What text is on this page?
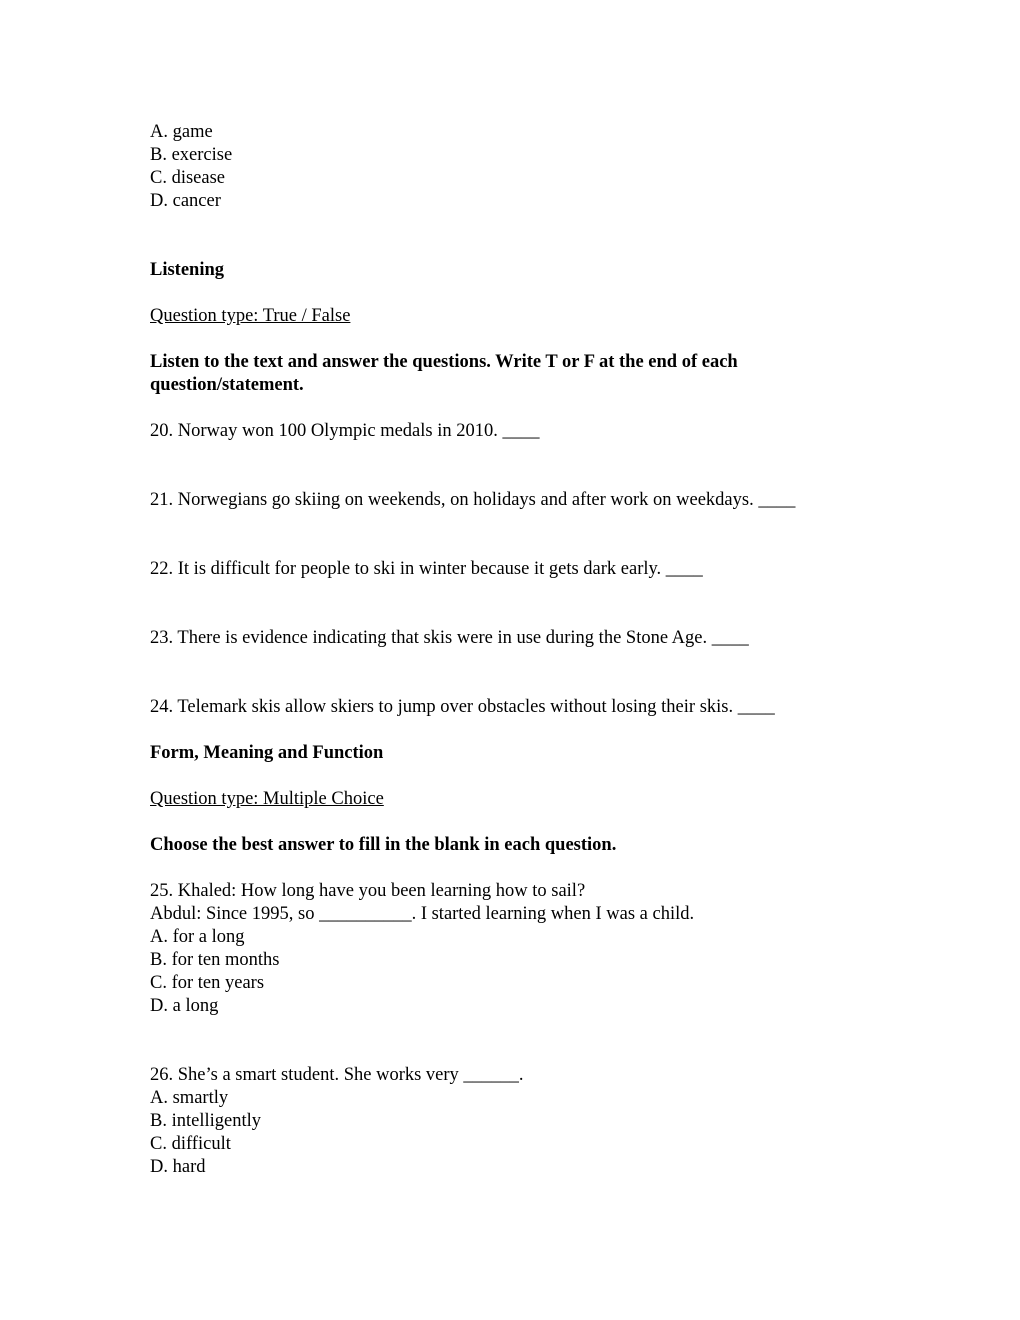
A. game
B. exercise
C. disease
D. cancer
Listening
Question type: True / False
Listen to the text and answer the questions. Write T or F at the end of each
question/statement.
20. Norway won 100 Olympic medals in 2010. ____
21. Norwegians go skiing on weekends, on holidays and after work on weekdays. ____
22. It is difficult for people to ski in winter because it gets dark early. ____
23. There is evidence indicating that skis were in use during the Stone Age. ____
24. Telemark skis allow skiers to jump over obstacles without losing their skis. ____
Form, Meaning and Function
Question type: Multiple Choice
Choose the best answer to fill in the blank in each question.
25. Khaled: How long have you been learning how to sail?
Abdul: Since 1995, so __________. I started learning when I was a child.
A. for a long
B. for ten months
C. for ten years
D. a long
26. She’s a smart student. She works very ______.
A. smartly
B. intelligently
C. difficult
D. hard
